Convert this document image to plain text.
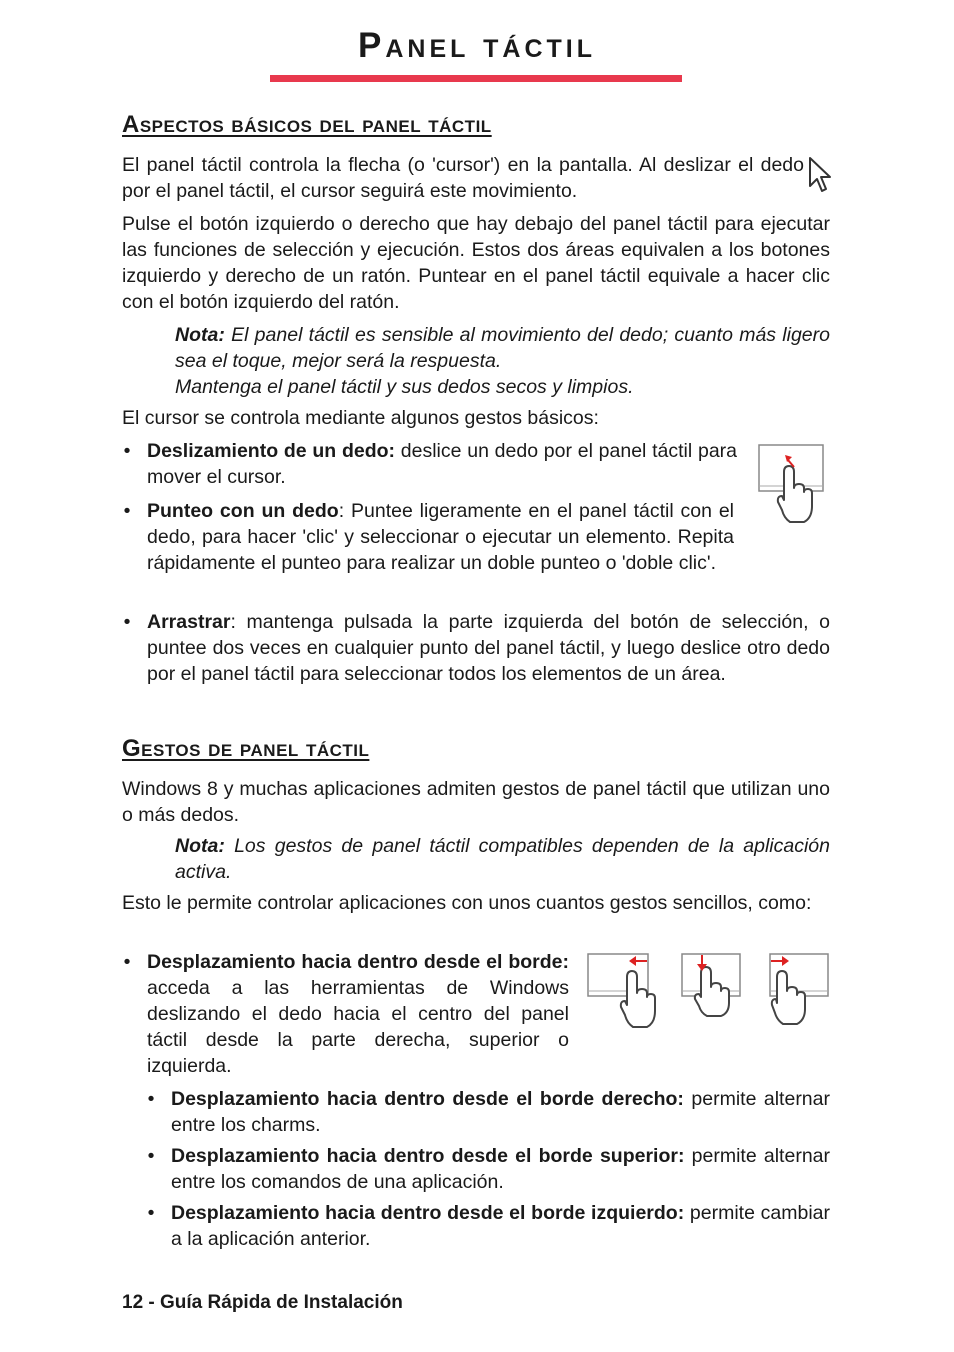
Panel táctil
Aspectos básicos del panel táctil
El panel táctil controla la flecha (o 'cursor') en la pantalla. Al deslizar el dedo por el panel táctil, el cursor seguirá este movimiento.
Pulse el botón izquierdo o derecho que hay debajo del panel táctil para ejecutar las funciones de selección y ejecución. Estos dos áreas equivalen a los botones izquierdo y derecho de un ratón. Puntear en el panel táctil equivale a hacer clic con el botón izquierdo del ratón.
Nota: El panel táctil es sensible al movimiento del dedo; cuanto más ligero sea el toque, mejor será la respuesta.
Mantenga el panel táctil y sus dedos secos y limpios.
El cursor se controla mediante algunos gestos básicos:
• Deslizamiento de un dedo: deslice un dedo por el panel táctil para mover el cursor.
• Punteo con un dedo: Puntee ligeramente en el panel táctil con el dedo, para hacer 'clic' y seleccionar o ejecutar un elemento. Repita rápidamente el punteo para realizar un doble punteo o 'doble clic'.
• Arrastrar: mantenga pulsada la parte izquierda del botón de selección, o puntee dos veces en cualquier punto del panel táctil, y luego deslice otro dedo por el panel táctil para seleccionar todos los elementos de un área.
Gestos de panel táctil
Windows 8 y muchas aplicaciones admiten gestos de panel táctil que utilizan uno o más dedos.
Nota: Los gestos de panel táctil compatibles dependen de la aplicación activa.
Esto le permite controlar aplicaciones con unos cuantos gestos sencillos, como:
• Desplazamiento hacia dentro desde el borde: acceda a las herramientas de Windows deslizando el dedo hacia el centro del panel táctil desde la parte derecha, superior o izquierda.
• Desplazamiento hacia dentro desde el borde derecho: permite alternar entre los charms.
• Desplazamiento hacia dentro desde el borde superior: permite alternar entre los comandos de una aplicación.
• Desplazamiento hacia dentro desde el borde izquierdo: permite cambiar a la aplicación anterior.
12 - Guía Rápida de Instalación
